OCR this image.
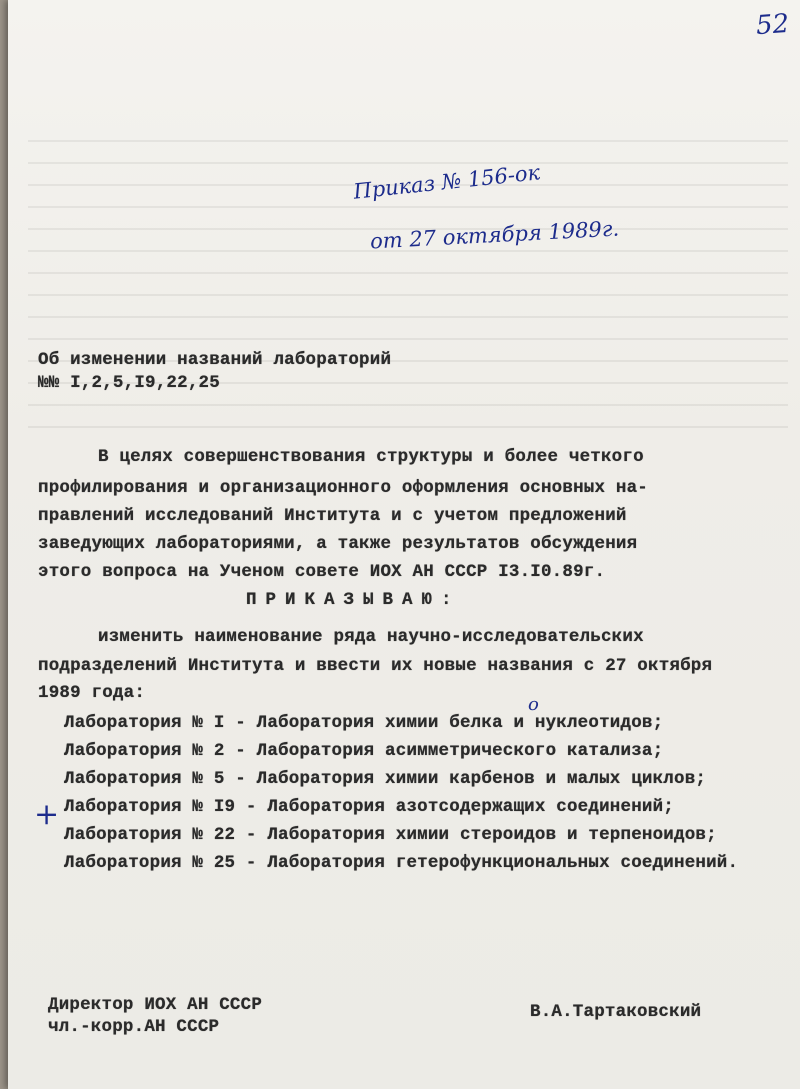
52
Приказ № 156-ок
от 27 октября 1989г.
Об изменении названий лабораторий
№№ I,2,5,I9,22,25
В целях совершенствования структуры и более четкого
профилирования и организационного оформления основных на-
правлений исследований Института и с учетом предложений
заведующих лабораториями, а также результатов обсуждения
этого вопроса на Ученом совете ИОХ АН СССР I3.I0.89г.
ПРИКАЗЫВАЮ:
изменить наименование ряда научно-исследовательских
подразделений Института и ввести их новые названия с 27 октября
1989 года:
о
Лаборатория № I - Лаборатория химии белка и нуклеотидов;
Лаборатория № 2 - Лаборатория асимметрического катализа;
Лаборатория № 5 - Лаборатория химии карбенов и малых циклов;
+ Лаборатория № I9 - Лаборатория азотсодержащих соединений;
Лаборатория № 22 - Лаборатория химии стероидов и терпеноидов;
Лаборатория № 25 - Лаборатория гетерофункциональных соединений.
Директор ИОХ АН СССР
чл.-корр.АН СССР
В.А.Тартаковский
